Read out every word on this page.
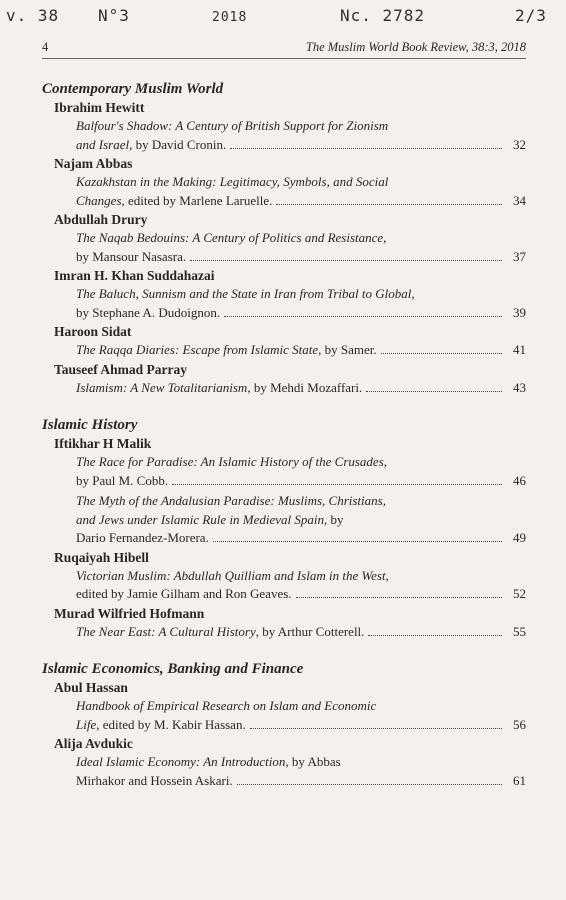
v. 38 N°3	2018	Nc. 2782	2/3
4	The Muslim World Book Review, 38:3, 2018
Contemporary Muslim World
Ibrahim Hewitt
Balfour's Shadow: A Century of British Support for Zionism
and Israel, by David Cronin.	32
Najam Abbas
Kazakhstan in the Making: Legitimacy, Symbols, and Social
Changes, edited by Marlene Laruelle.	34
Abdullah Drury
The Naqab Bedouins: A Century of Politics and Resistance,
by Mansour Nasasra.	37
Imran H. Khan Suddahazai
The Baluch, Sunnism and the State in Iran from Tribal to Global,
by Stephane A. Dudoignon.	39
Haroon Sidat
The Raqqa Diaries: Escape from Islamic State, by Samer.	41
Tauseef Ahmad Parray
Islamism: A New Totalitarianism, by Mehdi Mozaffari.	43
Islamic History
Iftikhar H Malik
The Race for Paradise: An Islamic History of the Crusades,
by Paul M. Cobb.	46
The Myth of the Andalusian Paradise: Muslims, Christians,
and Jews under Islamic Rule in Medieval Spain, by
Dario Fernandez-Morera.	49
Ruqaiyah Hibell
Victorian Muslim: Abdullah Quilliam and Islam in the West,
edited by Jamie Gilham and Ron Geaves.	52
Murad Wilfried Hofmann
The Near East: A Cultural History, by Arthur Cotterell.	55
Islamic Economics, Banking and Finance
Abul Hassan
Handbook of Empirical Research on Islam and Economic
Life, edited by M. Kabir Hassan.	56
Alija Avdukic
Ideal Islamic Economy: An Introduction, by Abbas
Mirhakor and Hossein Askari.	61
